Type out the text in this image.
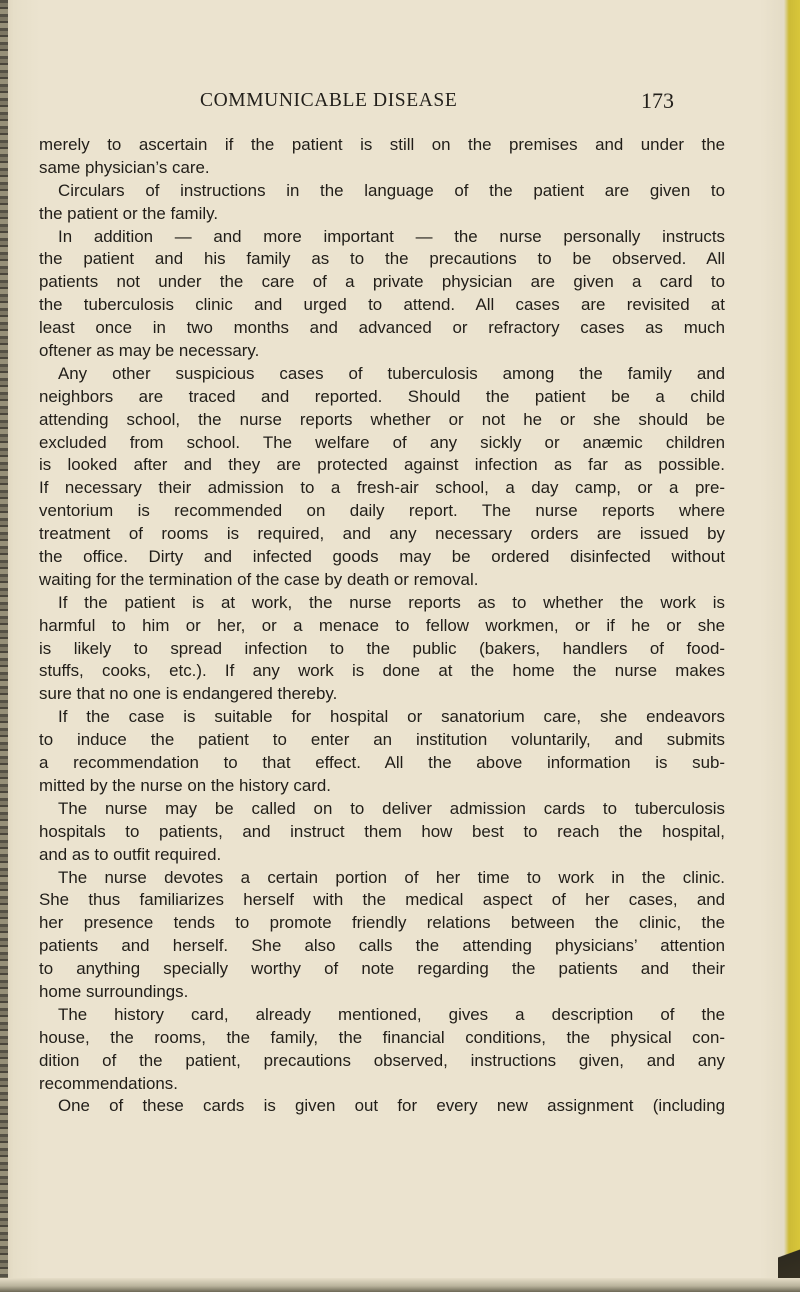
COMMUNICABLE DISEASE	173
merely to ascertain if the patient is still on the premises and under the
same physician’s care.
Circulars of instructions in the language of the patient are given to
the patient or the family.
In addition — and more important — the nurse personally instructs
the patient and his family as to the precautions to be observed. All
patients not under the care of a private physician are given a card to
the tuberculosis clinic and urged to attend. All cases are revisited at
least once in two months and advanced or refractory cases as much
oftener as may be necessary.
Any other suspicious cases of tuberculosis among the family and
neighbors are traced and reported. Should the patient be a child
attending school, the nurse reports whether or not he or she should be
excluded from school. The welfare of any sickly or anæmic children
is looked after and they are protected against infection as far as possible.
If necessary their admission to a fresh-air school, a day camp, or a pre-
ventorium is recommended on daily report. The nurse reports where
treatment of rooms is required, and any necessary orders are issued by
the office. Dirty and infected goods may be ordered disinfected without
waiting for the termination of the case by death or removal.
If the patient is at work, the nurse reports as to whether the work is
harmful to him or her, or a menace to fellow workmen, or if he or she
is likely to spread infection to the public (bakers, handlers of food-
stuffs, cooks, etc.). If any work is done at the home the nurse makes
sure that no one is endangered thereby.
If the case is suitable for hospital or sanatorium care, she endeavors
to induce the patient to enter an institution voluntarily, and submits
a recommendation to that effect. All the above information is sub-
mitted by the nurse on the history card.
The nurse may be called on to deliver admission cards to tuberculosis
hospitals to patients, and instruct them how best to reach the hospital,
and as to outfit required.
The nurse devotes a certain portion of her time to work in the clinic.
She thus familiarizes herself with the medical aspect of her cases, and
her presence tends to promote friendly relations between the clinic, the
patients and herself. She also calls the attending physicians’ attention
to anything specially worthy of note regarding the patients and their
home surroundings.
The history card, already mentioned, gives a description of the
house, the rooms, the family, the financial conditions, the physical con-
dition of the patient, precautions observed, instructions given, and any
recommendations.
One of these cards is given out for every new assignment (including
